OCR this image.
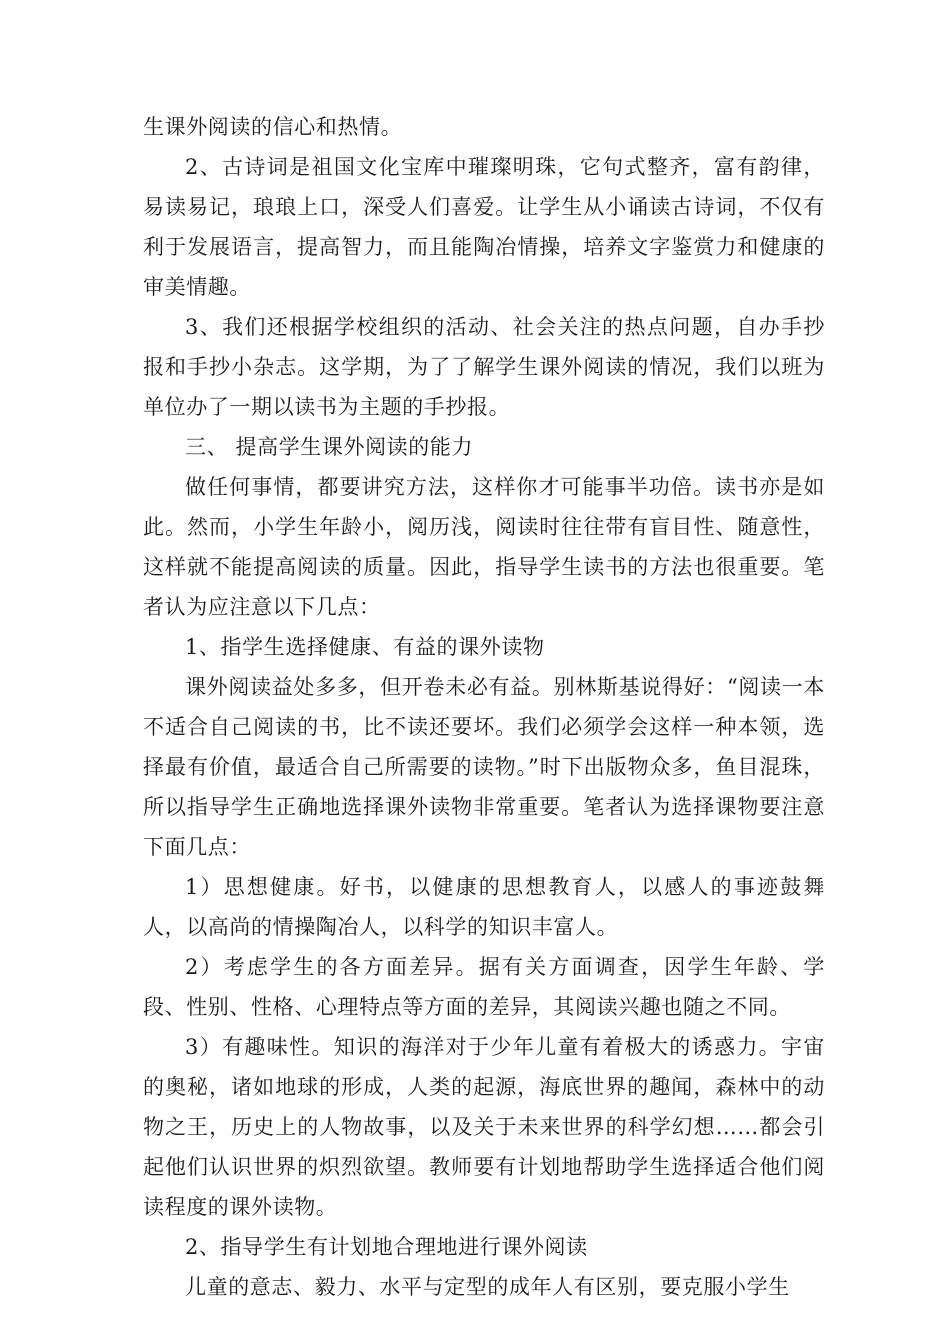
生课外阅读的信心和热情。

2、古诗词是祖国文化宝库中璀璨明珠，它句式整齐，富有韵律，易读易记，琅琅上口，深受人们喜爱。让学生从小诵读古诗词，不仅有利于发展语言，提高智力，而且能陶冶情操，培养文字鉴赏力和健康的审美情趣。

3、我们还根据学校组织的活动、社会关注的热点问题，自办手抄报和手抄小杂志。这学期，为了了解学生课外阅读的情况，我们以班为单位办了一期以读书为主题的手抄报。

三、 提高学生课外阅读的能力

做任何事情，都要讲究方法，这样你才可能事半功倍。读书亦是如此。然而，小学生年龄小，阅历浅，阅读时往往带有盲目性、随意性，这样就不能提高阅读的质量。因此，指导学生读书的方法也很重要。笔者认为应注意以下几点：

1、指学生选择健康、有益的课外读物

课外阅读益处多多，但开卷未必有益。别林斯基说得好：“阅读一本不适合自己阅读的书，比不读还要坏。我们必须学会这样一种本领，选择最有价值，最适合自己所需要的读物。”时下出版物众多，鱼目混珠，所以指导学生正确地选择课外读物非常重要。笔者认为选择课物要注意下面几点：

1）思想健康。好书，以健康的思想教育人，以感人的事迹鼓舞人，以高尚的情操陶冶人，以科学的知识丰富人。

2）考虑学生的各方面差异。据有关方面调查，因学生年龄、学段、性别、性格、心理特点等方面的差异，其阅读兴趣也随之不同。

3）有趣味性。知识的海洋对于少年儿童有着极大的诱惑力。宇宙的奥秘，诸如地球的形成，人类的起源，海底世界的趣闻，森林中的动物之王，历史上的人物故事，以及关于未来世界的科学幻想……都会引起他们认识世界的炽烈欲望。教师要有计划地帮助学生选择适合他们阅读程度的课外读物。

2、指导学生有计划地合理地进行课外阅读

儿童的意志、毅力、水平与定型的成年人有区别，要克服小学生
